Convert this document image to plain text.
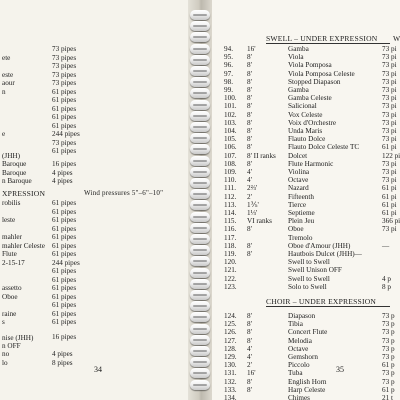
73 pipes
ete	73 pipes
73 pipes
este	73 pipes
aour	73 pipes
n	61 pipes
61 pipes
61 pipes
61 pipes
61 pipes
e	244 pipes
73 pipes
61 pipes
(JHH)
Baroque	16 pipes
Baroque	4 pipes
n Baroque	4 pipes
XPRESSION	Wind pressures 5"–6"–10"
robilis	61 pipes
61 pipes
leste	61 pipes
61 pipes
mahler	61 pipes
mahler Celeste 61 pipes
Flute	61 pipes
2-15-17	244 pipes
61 pipes
61 pipes
assetto	61 pipes
Oboe	61 pipes
61 pipes
raine	61 pipes
s	61 pipes
nise (JHH)	16 pipes
n OFF
no	4 pipes
lo	8 pipes
34
SWELL – UNDER EXPRESSION W
94. 16'	Gamba	73 pi
95. 8'	Viola	73 pi
96. 8'	Viola Pomposa	73 pi
97. 8'	Viola Pomposa Celeste	73 pi
98. 8'	Stopped Diapason	73 pi
99. 8'	Gamba	73 pi
100. 8'	Gamba Celeste	73 pi
101. 8'	Salicional	73 pi
102. 8'	Vox Celeste	73 pi
103. 8'	Voix d'Orchestre	73 pi
104. 8'	Unda Maris	73 pi
105. 8'	Flauto Dolce	73 pi
106. 8'	Flauto Dolce Celeste TC	61 pi
107. 8' II ranks Dolcet	122 pi
108. 8'	Flute Harmonic	73 pi
109. 4'	Violina	73 pi
110. 4'	Octave	73 pi
111. 2⅔'	Nazard	61 pi
112. 2'	Fifteenth	61 pi
113. 1⅗'	Tierce	61 pi
114. 1⅓'	Septieme	61 pi
115. VI ranks Plein Jeu	366 pi
116. 8'	Oboe	73 pi
117.	Tremolo
118. 8'	Oboe d'Amour (JHH)	—
119. 8'	Hautbois Dulcet (JHH)—
120.	Swell to Swell
121.	Swell Unison OFF
122.	Swell to Swell	4 p
123.	Solo to Swell	8 p
CHOIR – UNDER EXPRESSION
124. 8'	Diapason	73 p
125. 8'	Tibia	73 p
126. 8'	Concert Flute	73 p
127. 8'	Melodia	73 p
128. 4'	Octave	73 p
129. 4'	Gemshorn	73 p
130. 2'	Piccolo	61 p
131. 16'	Tuba	73 p
132. 8'	English Horn	73 p
133. 8'	Harp Celeste	61 p
134.	Chimes	21 t
35
